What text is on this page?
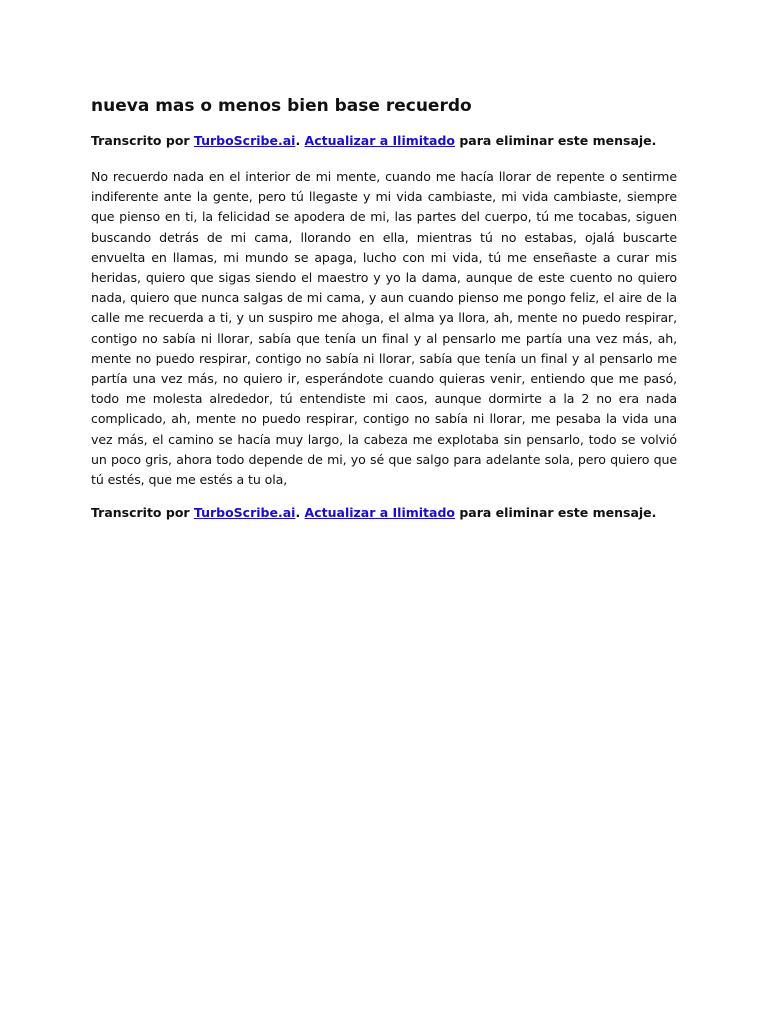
nueva mas o menos bien base recuerdo

Transcrito por TurboScribe.ai. Actualizar a Ilimitado para eliminar este mensaje.

No recuerdo nada en el interior de mi mente, cuando me hacía llorar de repente o sentirme indiferente ante la gente, pero tú llegaste y mi vida cambiaste, mi vida cambiaste, siempre que pienso en ti, la felicidad se apodera de mi, las partes del cuerpo, tú me tocabas, siguen buscando detrás de mi cama, llorando en ella, mientras tú no estabas, ojalá buscarte envuelta en llamas, mi mundo se apaga, lucho con mi vida, tú me enseñaste a curar mis heridas, quiero que sigas siendo el maestro y yo la dama, aunque de este cuento no quiero nada, quiero que nunca salgas de mi cama, y aun cuando pienso me pongo feliz, el aire de la calle me recuerda a ti, y un suspiro me ahoga, el alma ya llora, ah, mente no puedo respirar, contigo no sabía ni llorar, sabía que tenía un final y al pensarlo me partía una vez más, ah, mente no puedo respirar, contigo no sabía ni llorar, sabía que tenía un final y al pensarlo me partía una vez más, no quiero ir, esperándote cuando quieras venir, entiendo que me pasó, todo me molesta alrededor, tú entendiste mi caos, aunque dormirte a la 2 no era nada complicado, ah, mente no puedo respirar, contigo no sabía ni llorar, me pesaba la vida una vez más, el camino se hacía muy largo, la cabeza me explotaba sin pensarlo, todo se volvió un poco gris, ahora todo depende de mi, yo sé que salgo para adelante sola, pero quiero que tú estés, que me estés a tu ola,

Transcrito por TurboScribe.ai. Actualizar a Ilimitado para eliminar este mensaje.
